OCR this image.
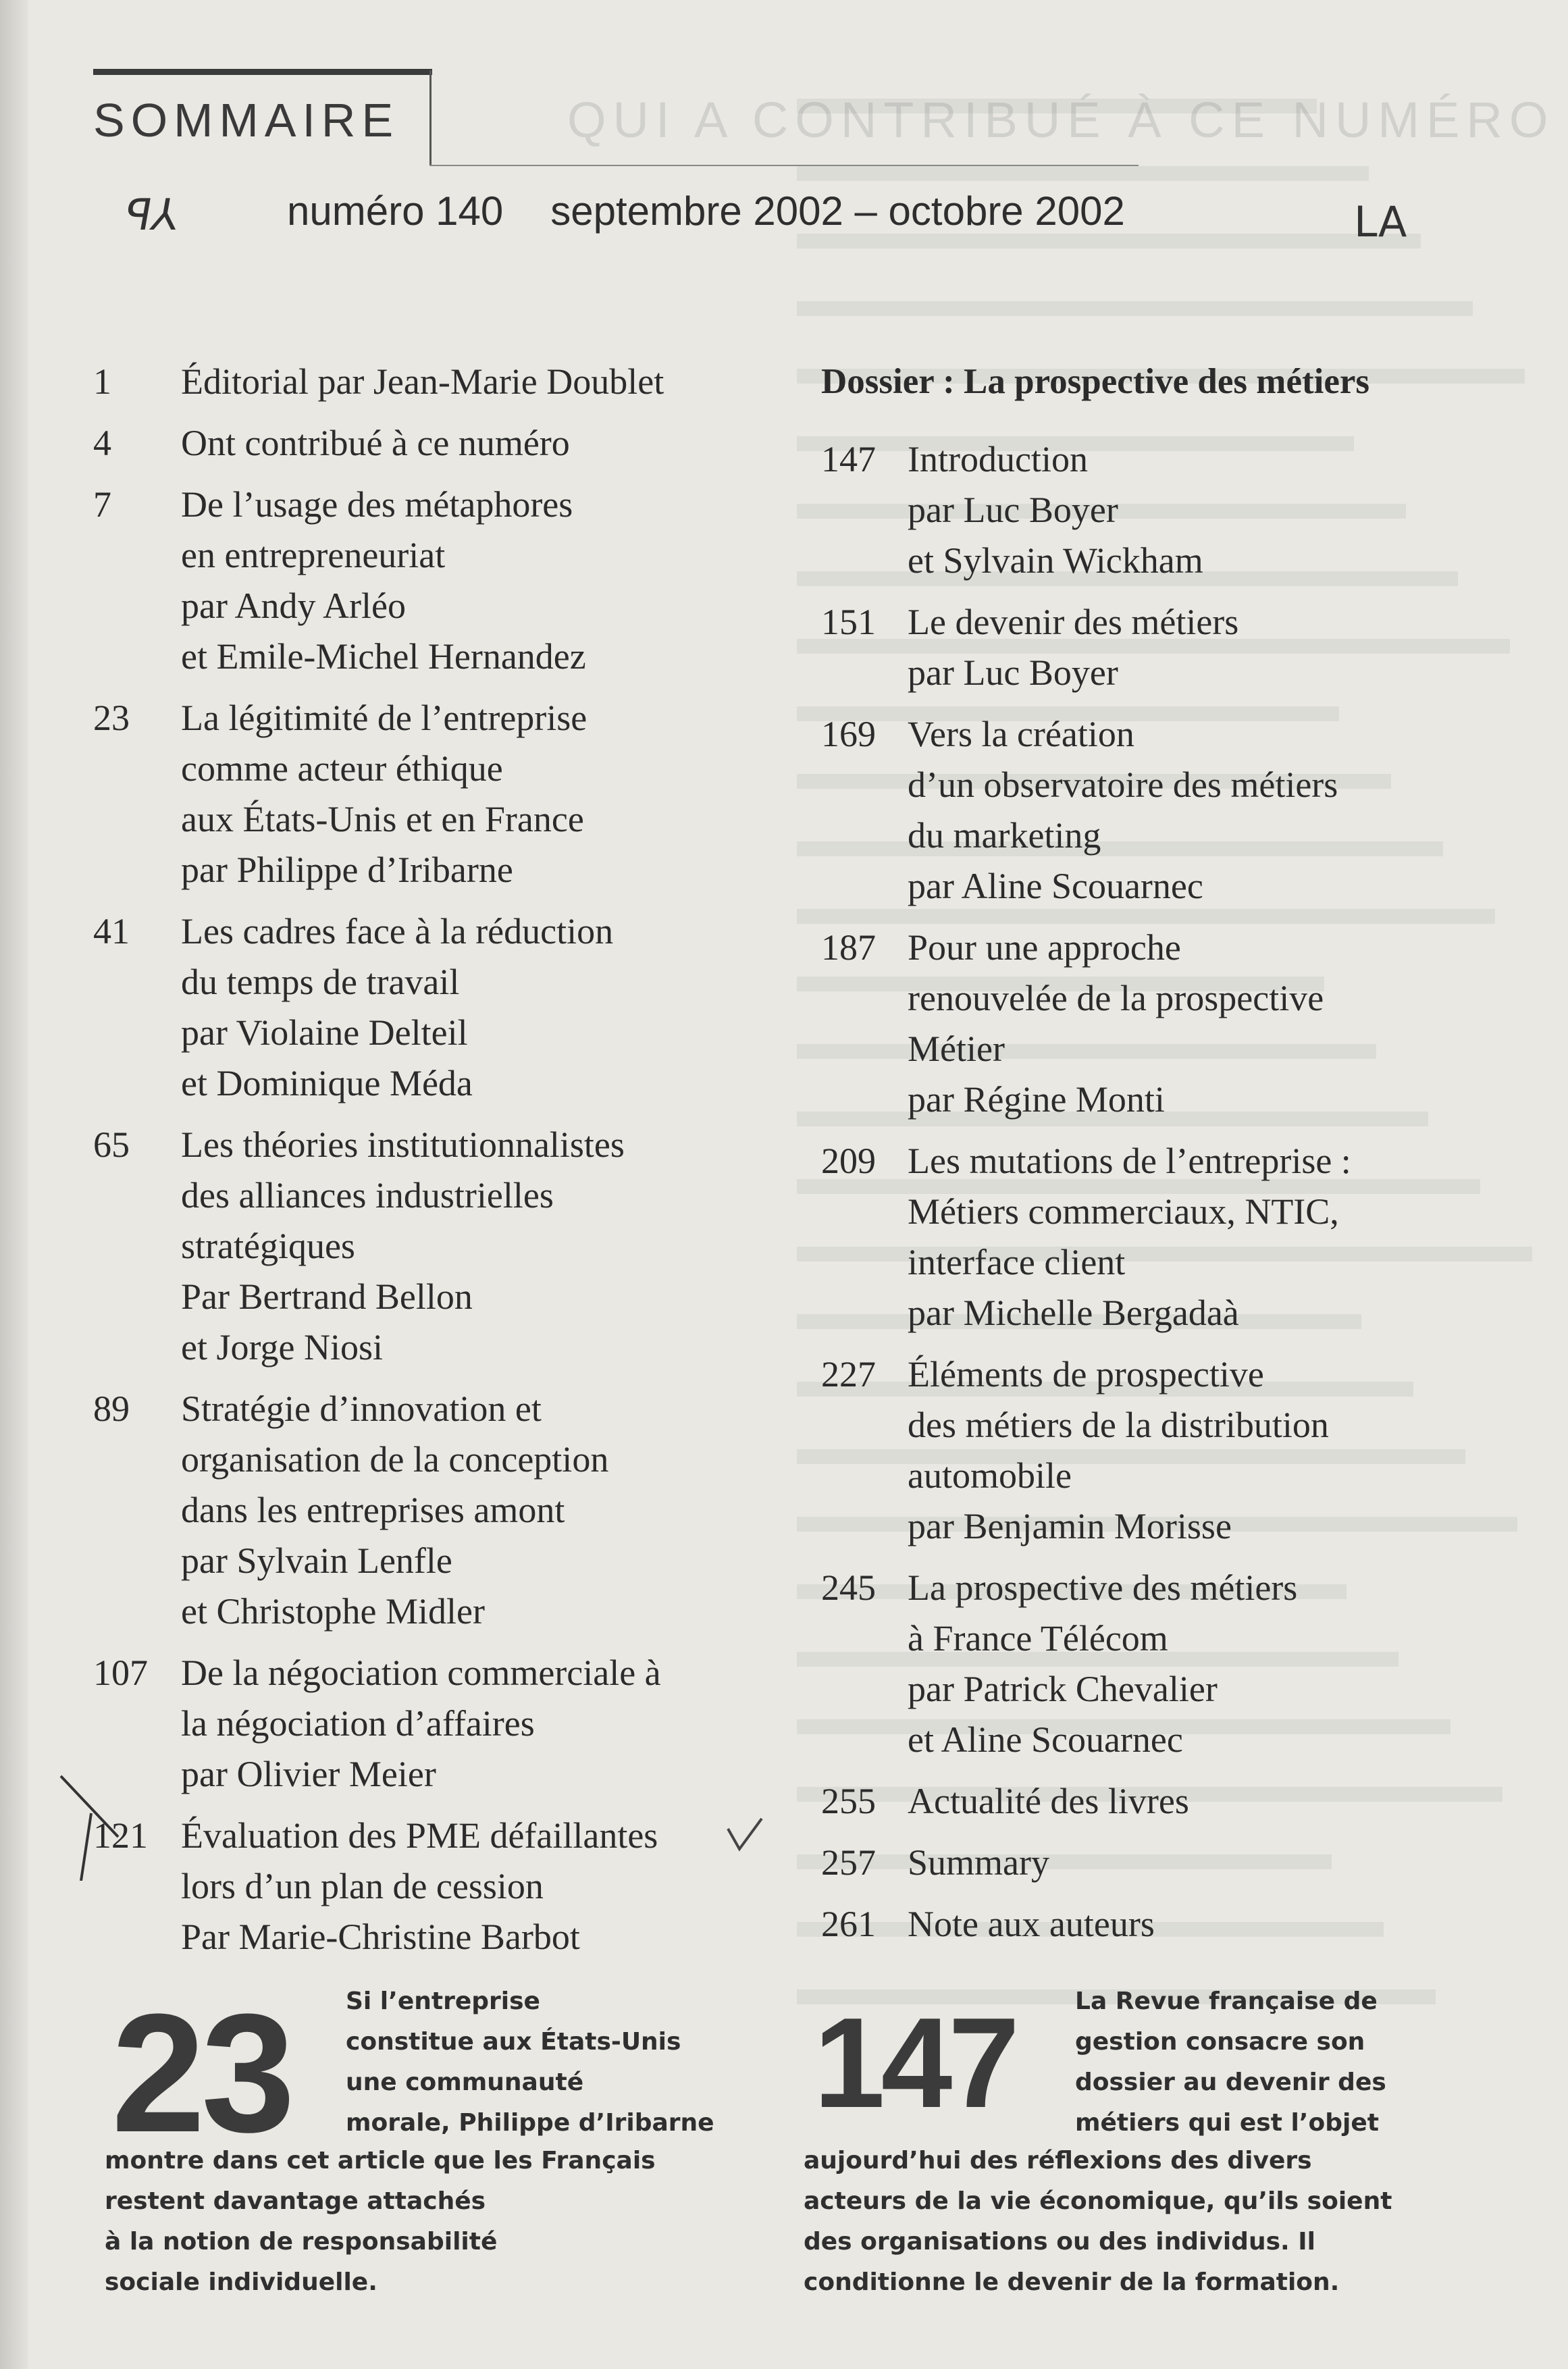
QUI A CONTRIBUÉ À CE NUMÉRO
SOMMAIRE
ꟼ⅄	numéro 140 septembre 2002 – octobre 2002	LA
1	Éditorial par Jean-Marie Doublet
4	Ont contribué à ce numéro
7	De l’usage des métaphores
en entrepreneuriat
par Andy Arléo
et Emile-Michel Hernandez
23	La légitimité de l’entreprise
comme acteur éthique
aux États-Unis et en France
par Philippe d’Iribarne
41	Les cadres face à la réduction
du temps de travail
par Violaine Delteil
et Dominique Méda
65	Les théories institutionnalistes
des alliances industrielles
stratégiques
Par Bertrand Bellon
et Jorge Niosi
89	Stratégie d’innovation et
organisation de la conception
dans les entreprises amont
par Sylvain Lenfle
et Christophe Midler
107 De la négociation commerciale à
la négociation d’affaires
par Olivier Meier
121 Évaluation des PME défaillantes
lors d’un plan de cession
Par Marie-Christine Barbot
Dossier : La prospective des métiers
147 Introduction
par Luc Boyer
et Sylvain Wickham
151 Le devenir des métiers
par Luc Boyer
169 Vers la création
d’un observatoire des métiers
du marketing
par Aline Scouarnec
187 Pour une approche
renouvelée de la prospective
Métier
par Régine Monti
209 Les mutations de l’entreprise :
Métiers commerciaux, NTIC,
interface client
par Michelle Bergadaà
227 Éléments de prospective
des métiers de la distribution
automobile
par Benjamin Morisse
245 La prospective des métiers
à France Télécom
par Patrick Chevalier
et Aline Scouarnec
255 Actualité des livres
257 Summary
261 Note aux auteurs
23 Si l’entreprise
constitue aux États-Unis
une communauté
morale, Philippe d’Iribarne
montre dans cet article que les Français
restent davantage attachés
à la notion de responsabilité
sociale individuelle.
147 La Revue française de
gestion consacre son
dossier au devenir des
métiers qui est l’objet
aujourd’hui des réflexions des divers
acteurs de la vie économique, qu’ils soient
des organisations ou des individus. Il
conditionne le devenir de la formation.
